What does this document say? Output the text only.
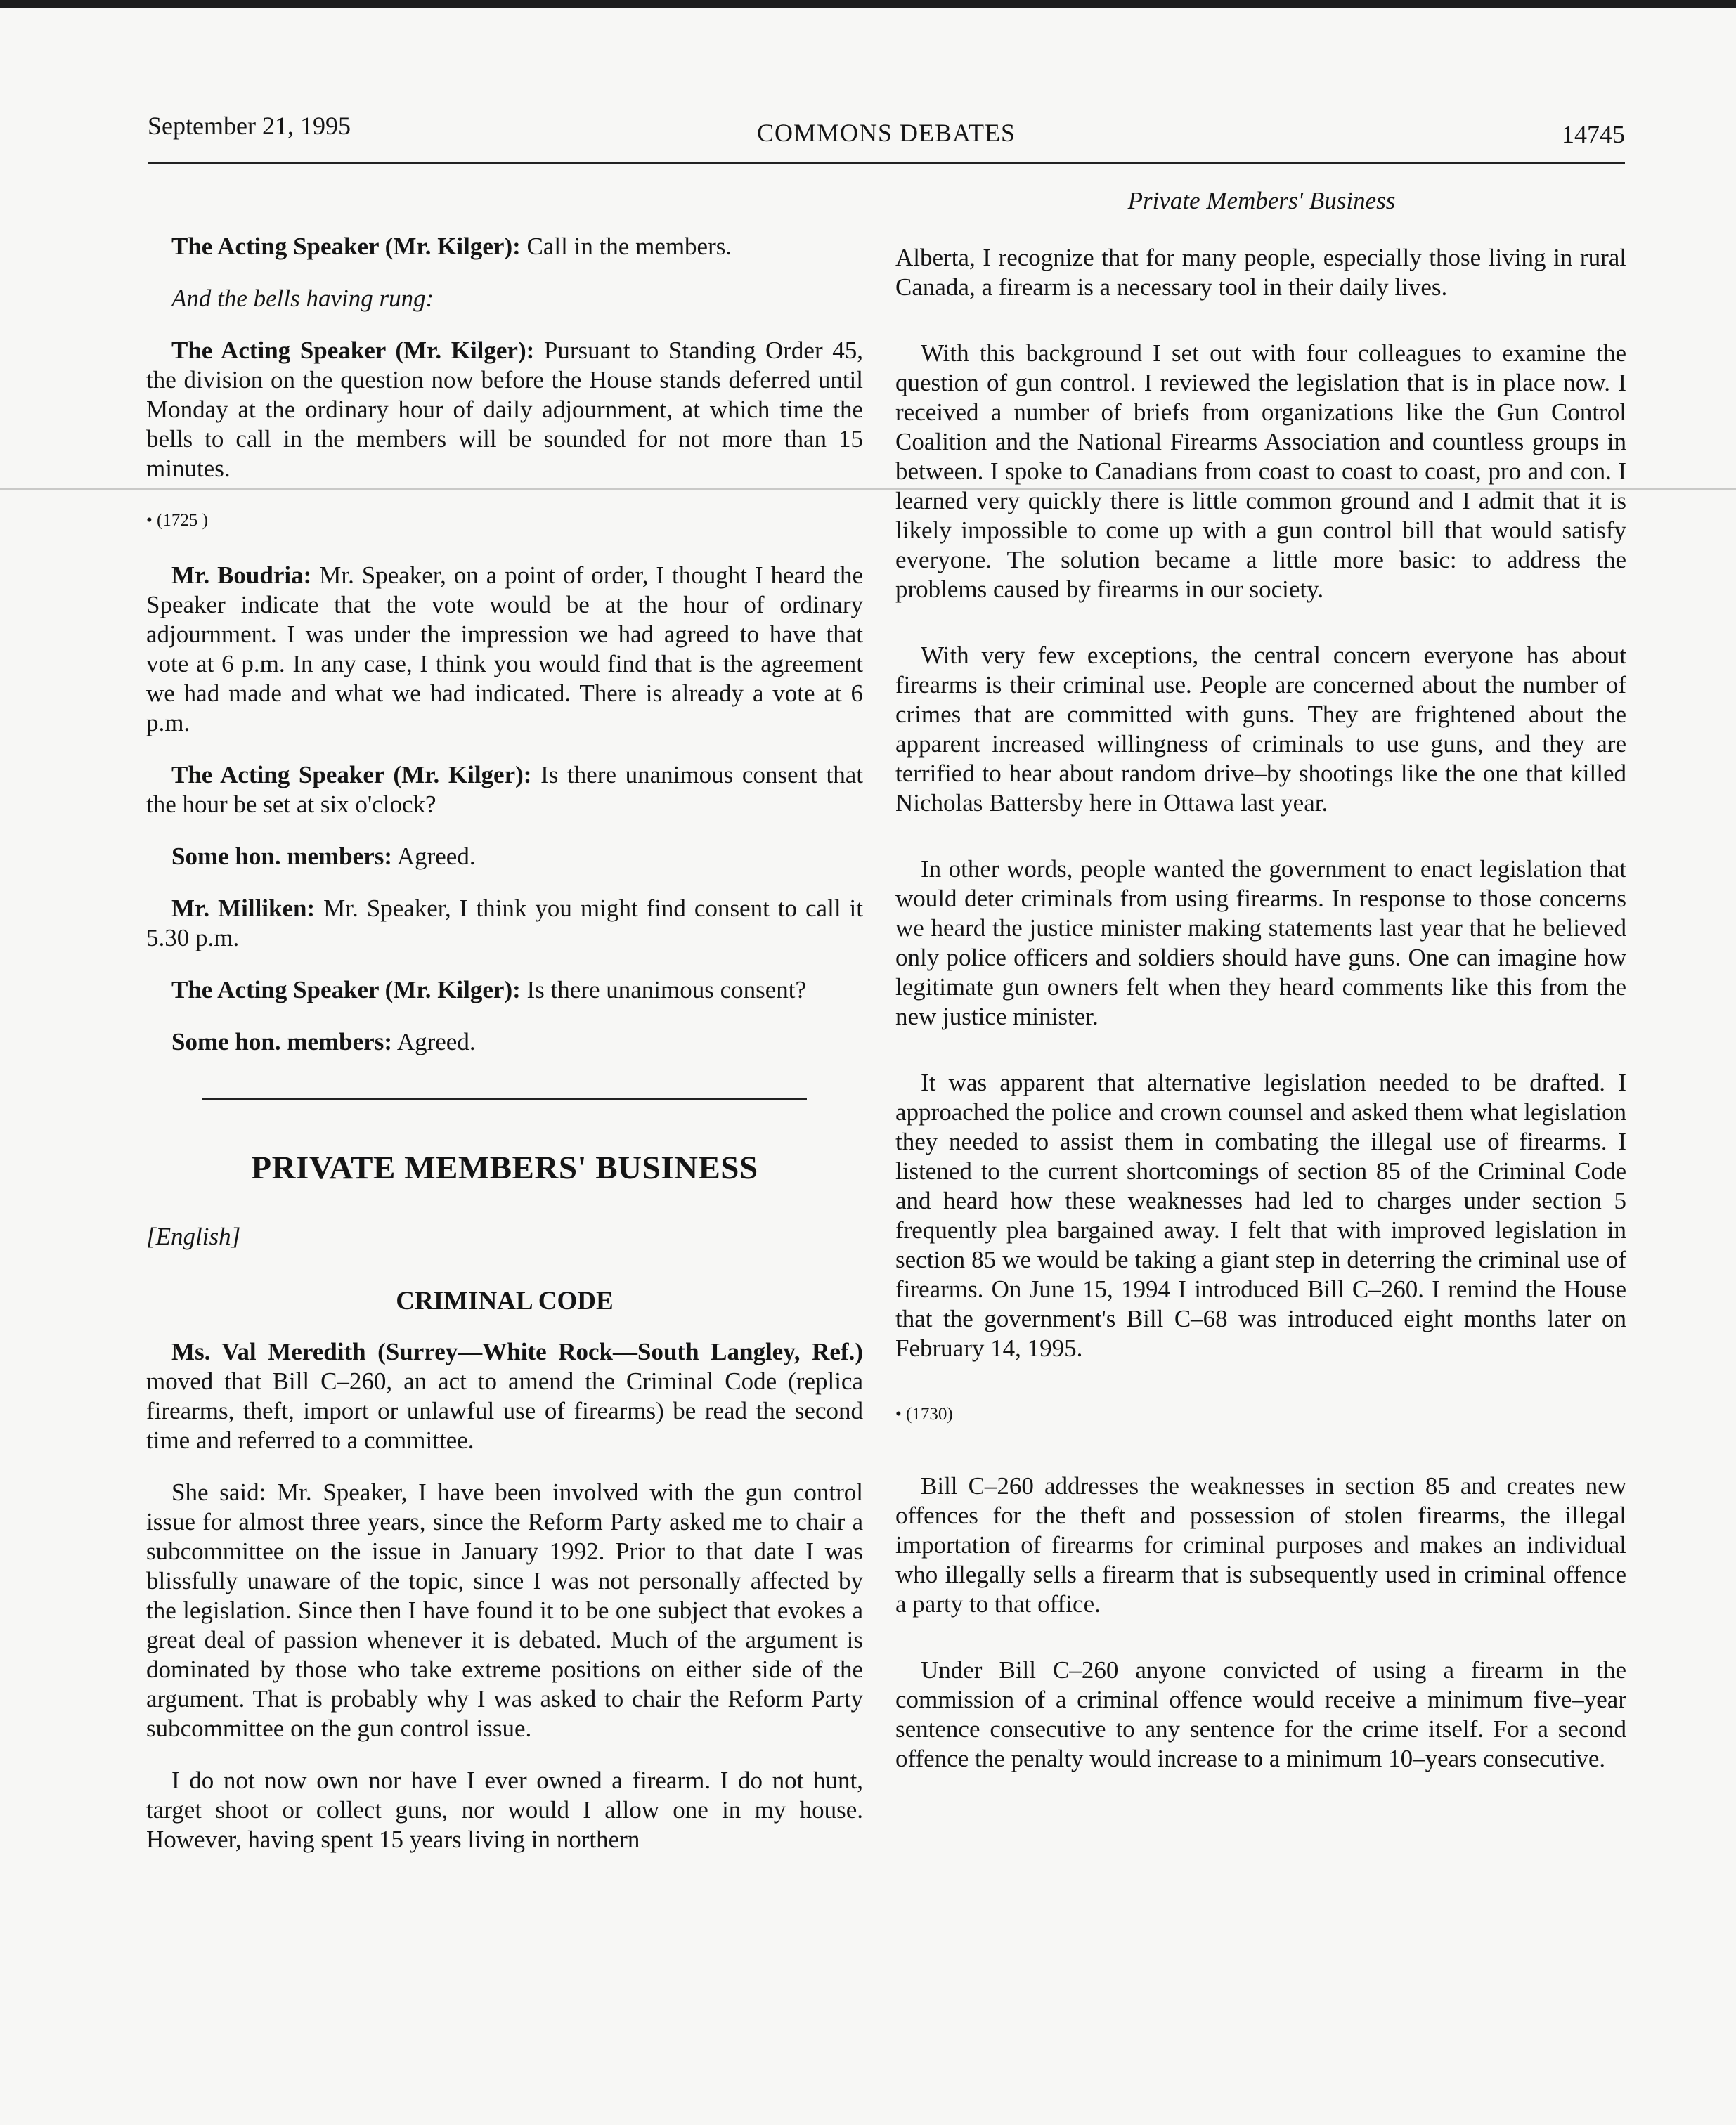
September 21, 1995	COMMONS DEBATES	14745
Private Members' Business

The Acting Speaker (Mr. Kilger): Call in the members.

And the bells having rung:

The Acting Speaker (Mr. Kilger): Pursuant to Standing Order 45, the division on the question now before the House stands deferred until Monday at the ordinary hour of daily adjournment, at which time the bells to call in the members will be sounded for not more than 15 minutes.

• (1725 )

Mr. Boudria: Mr. Speaker, on a point of order, I thought I heard the Speaker indicate that the vote would be at the hour of ordinary adjournment. I was under the impression we had agreed to have that vote at 6 p.m. In any case, I think you would find that is the agreement we had made and what we had indicated. There is already a vote at 6 p.m.

The Acting Speaker (Mr. Kilger): Is there unanimous consent that the hour be set at six o'clock?

Some hon. members: Agreed.

Mr. Milliken: Mr. Speaker, I think you might find consent to call it 5.30 p.m.

The Acting Speaker (Mr. Kilger): Is there unanimous consent?

Some hon. members: Agreed.

PRIVATE MEMBERS' BUSINESS
[English]
CRIMINAL CODE

Ms. Val Meredith (Surrey—White Rock—South Langley, Ref.) moved that Bill C–260, an act to amend the Criminal Code (replica firearms, theft, import or unlawful use of firearms) be read the second time and referred to a committee.

She said: Mr. Speaker, I have been involved with the gun control issue for almost three years, since the Reform Party asked me to chair a subcommittee on the issue in January 1992. Prior to that date I was blissfully unaware of the topic, since I was not personally affected by the legislation. Since then I have found it to be one subject that evokes a great deal of passion whenever it is debated. Much of the argument is dominated by those who take extreme positions on either side of the argument. That is probably why I was asked to chair the Reform Party subcommittee on the gun control issue.

I do not now own nor have I ever owned a firearm. I do not hunt, target shoot or collect guns, nor would I allow one in my house. However, having spent 15 years living in northern

Alberta, I recognize that for many people, especially those living in rural Canada, a firearm is a necessary tool in their daily lives.

With this background I set out with four colleagues to examine the question of gun control. I reviewed the legislation that is in place now. I received a number of briefs from organizations like the Gun Control Coalition and the National Firearms Association and countless groups in between. I spoke to Canadians from coast to coast to coast, pro and con. I learned very quickly there is little common ground and I admit that it is likely impossible to come up with a gun control bill that would satisfy everyone. The solution became a little more basic: to address the problems caused by firearms in our society.

With very few exceptions, the central concern everyone has about firearms is their criminal use. People are concerned about the number of crimes that are committed with guns. They are frightened about the apparent increased willingness of criminals to use guns, and they are terrified to hear about random drive–by shootings like the one that killed Nicholas Battersby here in Ottawa last year.

In other words, people wanted the government to enact legislation that would deter criminals from using firearms. In response to those concerns we heard the justice minister making statements last year that he believed only police officers and soldiers should have guns. One can imagine how legitimate gun owners felt when they heard comments like this from the new justice minister.

It was apparent that alternative legislation needed to be drafted. I approached the police and crown counsel and asked them what legislation they needed to assist them in combating the illegal use of firearms. I listened to the current shortcomings of section 85 of the Criminal Code and heard how these weaknesses had led to charges under section 5 frequently plea bargained away. I felt that with improved legislation in section 85 we would be taking a giant step in deterring the criminal use of firearms. On June 15, 1994 I introduced Bill C–260. I remind the House that the government's Bill C–68 was introduced eight months later on February 14, 1995.

• (1730)

Bill C–260 addresses the weaknesses in section 85 and creates new offences for the theft and possession of stolen firearms, the illegal importation of firearms for criminal purposes and makes an individual who illegally sells a firearm that is subsequently used in criminal offence a party to that office.

Under Bill C–260 anyone convicted of using a firearm in the commission of a criminal offence would receive a minimum five–year sentence consecutive to any sentence for the crime itself. For a second offence the penalty would increase to a minimum 10–years consecutive.
